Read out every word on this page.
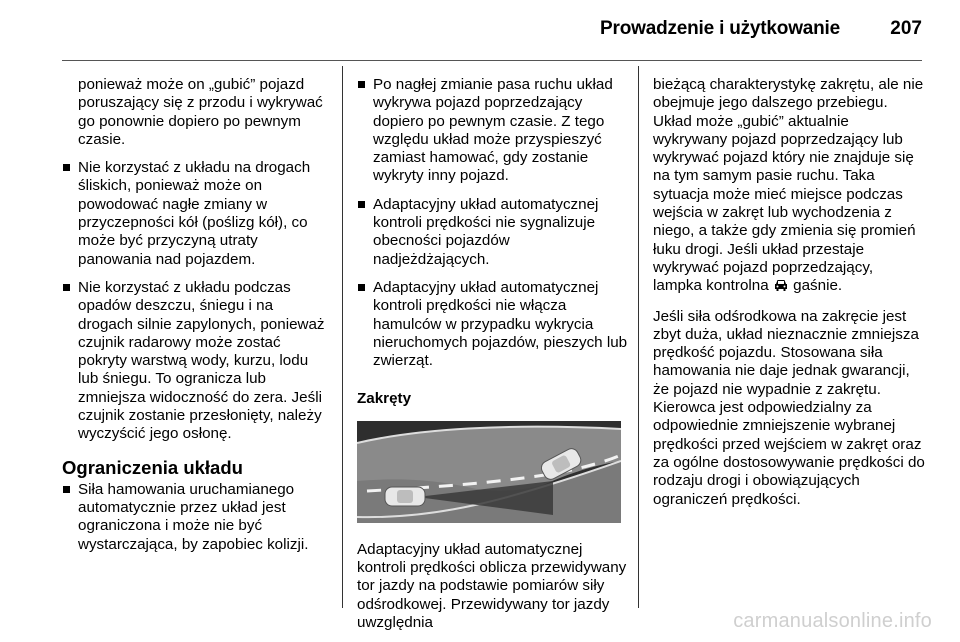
Prowadzenie i użytkowanie	207

ponieważ może on „gubić” pojazd poruszający się z przodu i wykrywać go ponownie dopiero po pewnym czasie.

Nie korzystać z układu na drogach śliskich, ponieważ może on powodować nagłe zmiany w przyczepności kół (poślizg kół), co może być przyczyną utraty panowania nad pojazdem.
Nie korzystać z układu podczas opadów deszczu, śniegu i na drogach silnie zapylonych, ponieważ czujnik radarowy może zostać pokryty warstwą wody, kurzu, lodu lub śniegu. To ogranicza lub zmniejsza widoczność do zera. Jeśli czujnik zostanie przesłonięty, należy wyczyścić jego osłonę.
Ograniczenia układu
Siła hamowania uruchamianego automatycznie przez układ jest ograniczona i może nie być wystarczająca, by zapobiec kolizji.
Po nagłej zmianie pasa ruchu układ wykrywa pojazd poprzedzający dopiero po pewnym czasie. Z tego względu układ może przyspieszyć zamiast hamować, gdy zostanie wykryty inny pojazd.
Adaptacyjny układ automatycznej kontroli prędkości nie sygnalizuje obecności pojazdów nadjeżdżających.
Adaptacyjny układ automatycznej kontroli prędkości nie włącza hamulców w przypadku wykrycia nieruchomych pojazdów, pieszych lub zwierząt.
Zakręty

Adaptacyjny układ automatycznej kontroli prędkości oblicza przewidywany tor jazdy na podstawie pomiarów siły odśrodkowej. Przewidywany tor jazdy uwzględnia

bieżącą charakterystykę zakrętu, ale nie obejmuje jego dalszego przebiegu. Układ może „gubić” aktualnie wykrywany pojazd poprzedzający lub wykrywać pojazd który nie znajduje się na tym samym pasie ruchu. Taka sytuacja może mieć miejsce podczas wejścia w zakręt lub wychodzenia z niego, a także gdy zmienia się promień łuku drogi. Jeśli układ przestaje wykrywać pojazd poprzedzający, lampka kontrolna gaśnie.

Jeśli siła odśrodkowa na zakręcie jest zbyt duża, układ nieznacznie zmniejsza prędkość pojazdu. Stosowana siła hamowania nie daje jednak gwarancji, że pojazd nie wypadnie z zakrętu. Kierowca jest odpowiedzialny za odpowiednie zmniejszenie wybranej prędkości przed wejściem w zakręt oraz za ogólne dostosowywanie prędkości do rodzaju drogi i obowiązujących ograniczeń prędkości.

carmanualsonline.info
